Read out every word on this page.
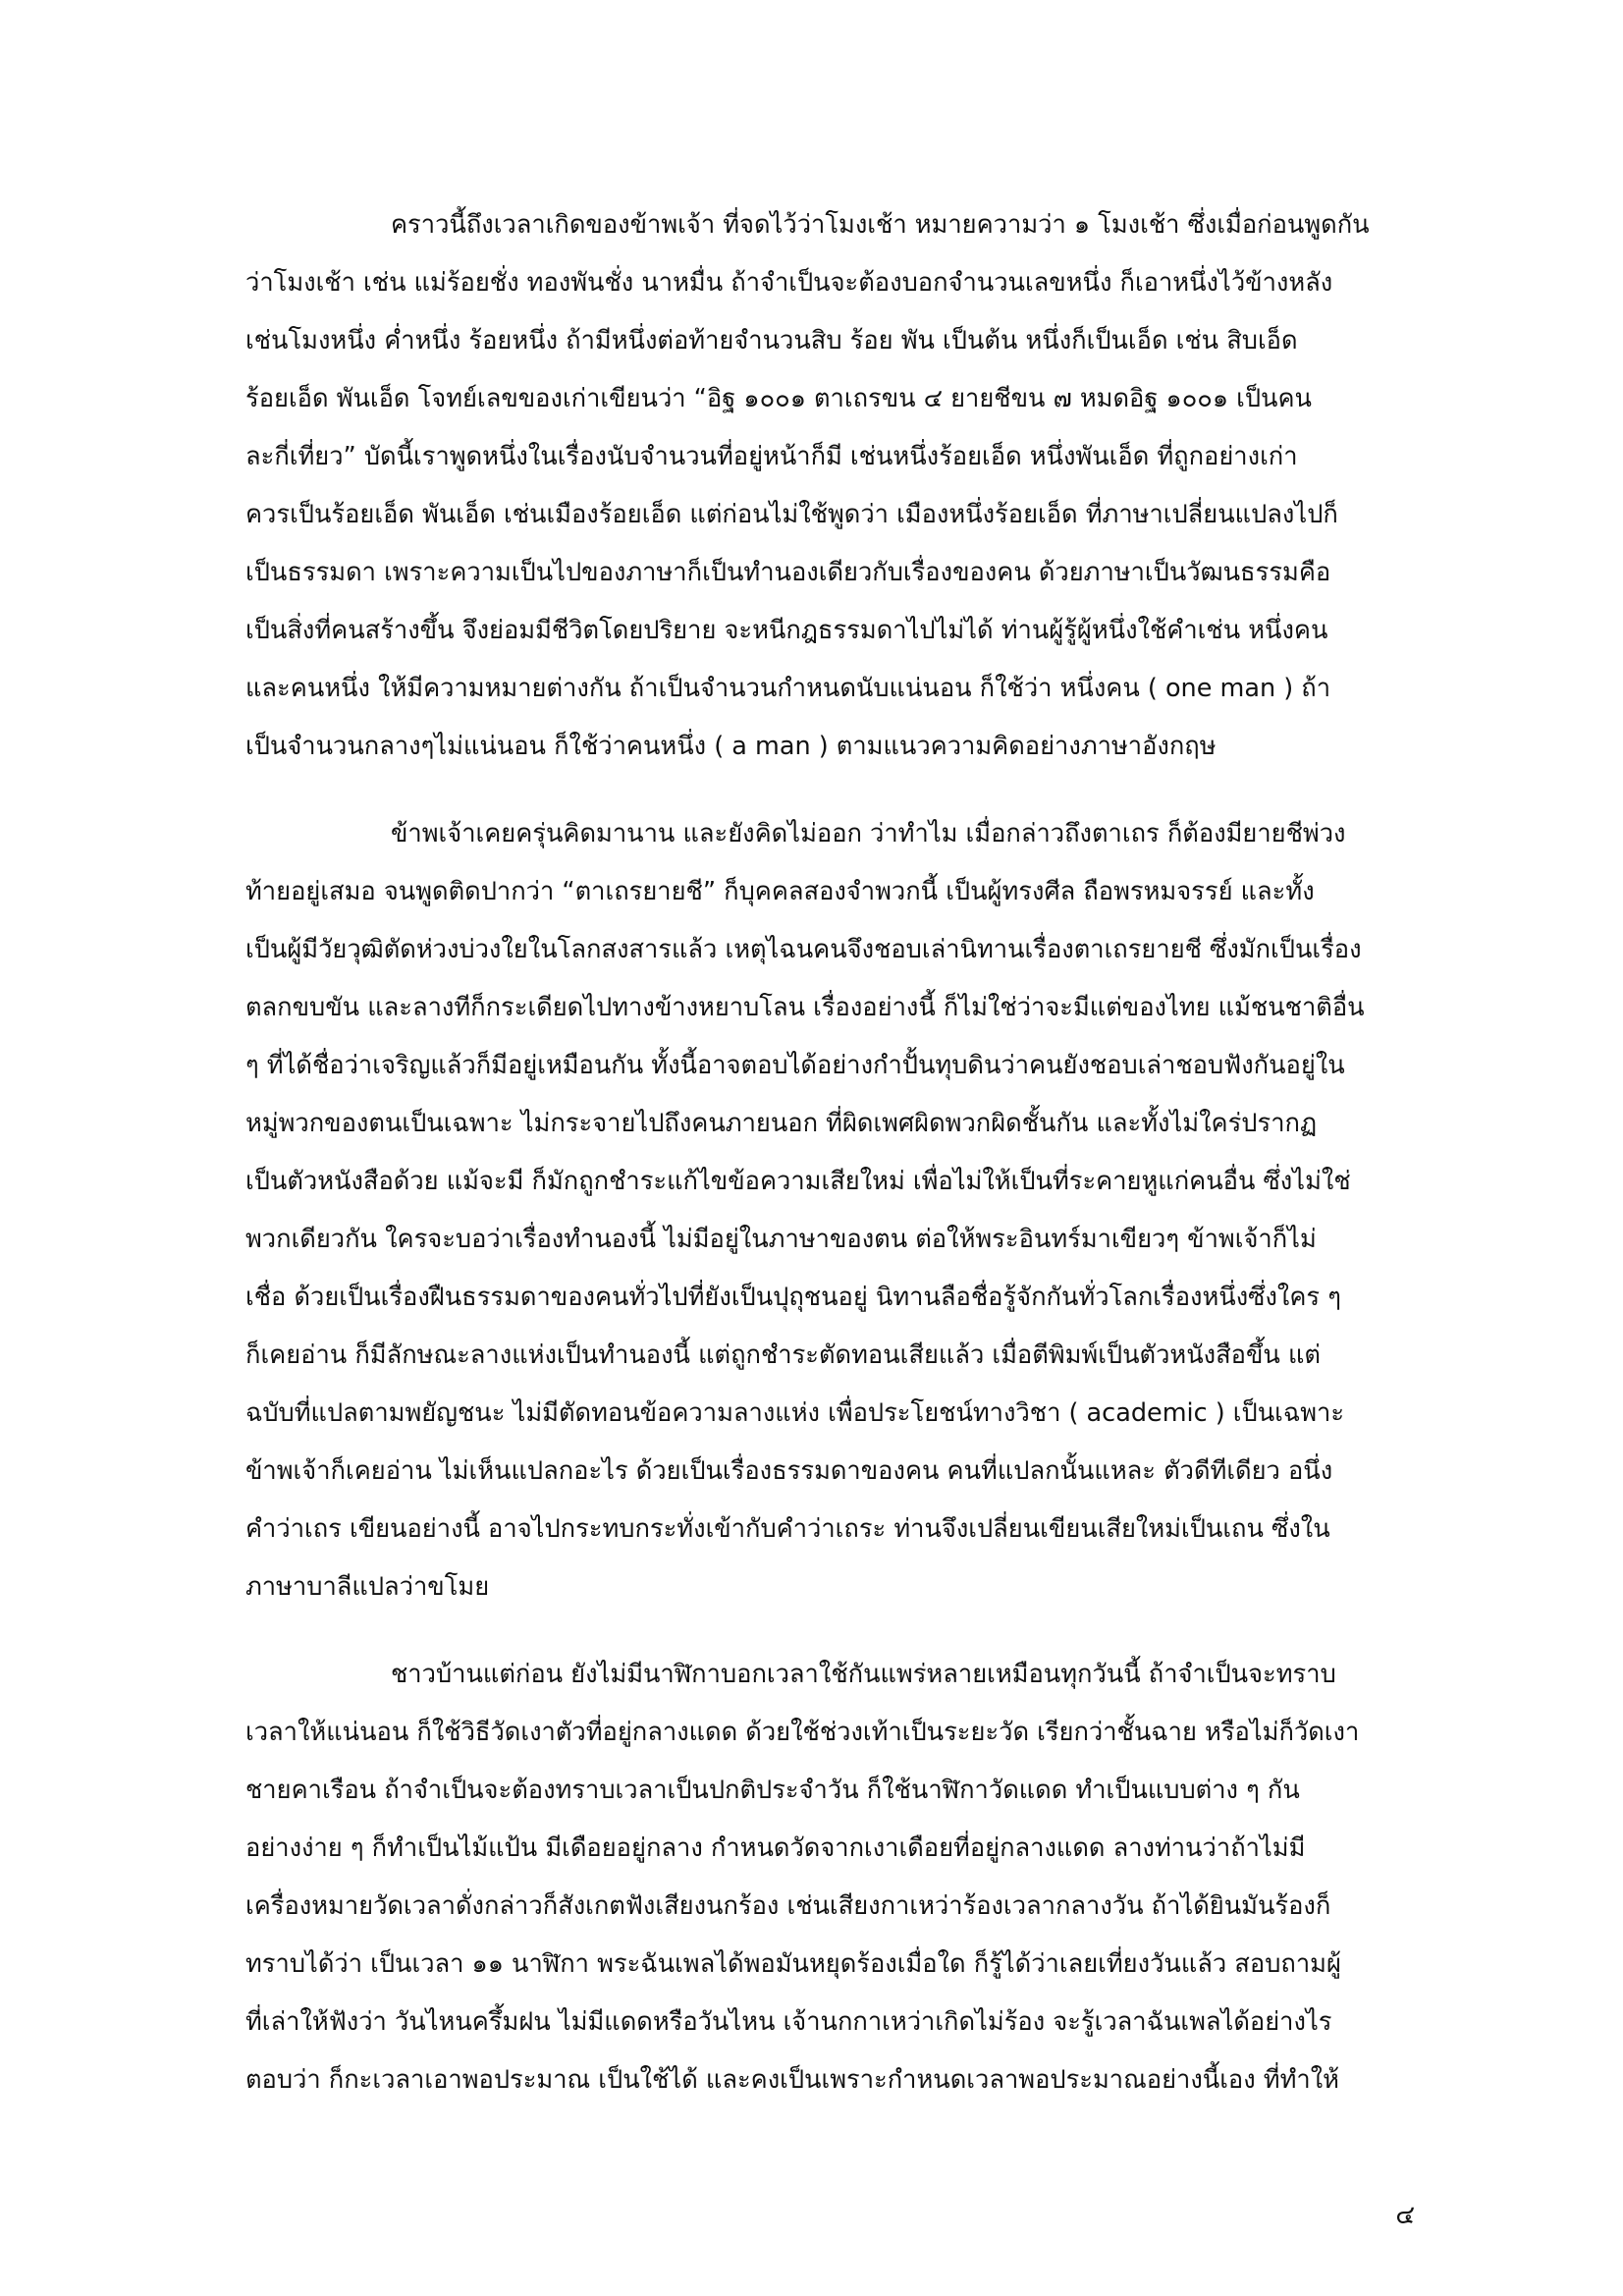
คราวนี้ถึงเวลาเกิดของข้าพเจ้า ที่จดไว้ว่าโมงเช้า หมายความว่า ๑ โมงเช้า ซึ่งเมื่อก่อนพูดกัน
ว่าโมงเช้า เช่น แม่ร้อยชั่ง ทองพันชั่ง นาหมื่น ถ้าจำเป็นจะต้องบอกจำนวนเลขหนึ่ง ก็เอาหนึ่งไว้ข้างหลัง
เช่นโมงหนึ่ง ค่ำหนึ่ง ร้อยหนึ่ง ถ้ามีหนึ่งต่อท้ายจำนวนสิบ ร้อย พัน เป็นต้น หนึ่งก็เป็นเอ็ด เช่น สิบเอ็ด
ร้อยเอ็ด พันเอ็ด โจทย์เลขของเก่าเขียนว่า “อิฐ ๑๐๐๑ ตาเถรขน ๔ ยายชีขน ๗ หมดอิฐ ๑๐๐๑ เป็นคน
ละกี่เที่ยว” บัดนี้เราพูดหนึ่งในเรื่องนับจำนวนที่อยู่หน้าก็มี เช่นหนึ่งร้อยเอ็ด หนึ่งพันเอ็ด ที่ถูกอย่างเก่า
ควรเป็นร้อยเอ็ด พันเอ็ด เช่นเมืองร้อยเอ็ด แต่ก่อนไม่ใช้พูดว่า เมืองหนึ่งร้อยเอ็ด ที่ภาษาเปลี่ยนแปลงไปก็
เป็นธรรมดา เพราะความเป็นไปของภาษาก็เป็นทำนองเดียวกับเรื่องของคน ด้วยภาษาเป็นวัฒนธรรมคือ
เป็นสิ่งที่คนสร้างขึ้น จึงย่อมมีชีวิตโดยปริยาย จะหนีกฎธรรมดาไปไม่ได้ ท่านผู้รู้ผู้หนึ่งใช้คำเช่น หนึ่งคน
และคนหนึ่ง ให้มีความหมายต่างกัน ถ้าเป็นจำนวนกำหนดนับแน่นอน ก็ใช้ว่า หนึ่งคน ( one man ) ถ้า
เป็นจำนวนกลางๆไม่แน่นอน ก็ใช้ว่าคนหนึ่ง ( a man ) ตามแนวความคิดอย่างภาษาอังกฤษ

ข้าพเจ้าเคยครุ่นคิดมานาน และยังคิดไม่ออก ว่าทำไม เมื่อกล่าวถึงตาเถร ก็ต้องมียายชีพ่วง
ท้ายอยู่เสมอ จนพูดติดปากว่า “ตาเถรยายชี” ก็บุคคลสองจำพวกนี้ เป็นผู้ทรงศีล ถือพรหมจรรย์ และทั้ง
เป็นผู้มีวัยวุฒิตัดห่วงบ่วงใยในโลกสงสารแล้ว เหตุไฉนคนจึงชอบเล่านิทานเรื่องตาเถรยายชี ซึ่งมักเป็นเรื่อง
ตลกขบขัน และลางทีก็กระเดียดไปทางข้างหยาบโลน เรื่องอย่างนี้ ก็ไม่ใช่ว่าจะมีแต่ของไทย แม้ชนชาติอื่น
ๆ ที่ได้ชื่อว่าเจริญแล้วก็มีอยู่เหมือนกัน ทั้งนี้อาจตอบได้อย่างกำปั้นทุบดินว่าคนยังชอบเล่าชอบฟังกันอยู่ใน
หมู่พวกของตนเป็นเฉพาะ ไม่กระจายไปถึงคนภายนอก ที่ผิดเพศผิดพวกผิดชั้นกัน และทั้งไม่ใคร่ปรากฏ
เป็นตัวหนังสือด้วย แม้จะมี ก็มักถูกชำระแก้ไขข้อความเสียใหม่ เพื่อไม่ให้เป็นที่ระคายหูแก่คนอื่น ซึ่งไม่ใช่
พวกเดียวกัน ใครจะบอว่าเรื่องทำนองนี้ ไม่มีอยู่ในภาษาของตน ต่อให้พระอินทร์มาเขียวๆ ข้าพเจ้าก็ไม่
เชื่อ ด้วยเป็นเรื่องฝืนธรรมดาของคนทั่วไปที่ยังเป็นปุถุชนอยู่ นิทานลือชื่อรู้จักกันทั่วโลกเรื่องหนึ่งซึ่งใคร ๆ
ก็เคยอ่าน ก็มีลักษณะลางแห่งเป็นทำนองนี้ แต่ถูกชำระตัดทอนเสียแล้ว เมื่อตีพิมพ์เป็นตัวหนังสือขึ้น แต่
ฉบับที่แปลตามพยัญชนะ ไม่มีตัดทอนข้อความลางแห่ง เพื่อประโยชน์ทางวิชา ( academic ) เป็นเฉพาะ
ข้าพเจ้าก็เคยอ่าน ไม่เห็นแปลกอะไร ด้วยเป็นเรื่องธรรมดาของคน คนที่แปลกนั้นแหละ ตัวดีทีเดียว อนึ่ง
คำว่าเถร เขียนอย่างนี้ อาจไปกระทบกระทั่งเข้ากับคำว่าเถระ ท่านจึงเปลี่ยนเขียนเสียใหม่เป็นเถน ซึ่งใน
ภาษาบาลีแปลว่าขโมย

ชาวบ้านแต่ก่อน ยังไม่มีนาฬิกาบอกเวลาใช้กันแพร่หลายเหมือนทุกวันนี้ ถ้าจำเป็นจะทราบ
เวลาให้แน่นอน ก็ใช้วิธีวัดเงาตัวที่อยู่กลางแดด ด้วยใช้ช่วงเท้าเป็นระยะวัด เรียกว่าชั้นฉาย หรือไม่ก็วัดเงา
ชายคาเรือน ถ้าจำเป็นจะต้องทราบเวลาเป็นปกติประจำวัน ก็ใช้นาฬิกาวัดแดด ทำเป็นแบบต่าง ๆ กัน
อย่างง่าย ๆ ก็ทำเป็นไม้แป้น มีเดือยอยู่กลาง กำหนดวัดจากเงาเดือยที่อยู่กลางแดด ลางท่านว่าถ้าไม่มี
เครื่องหมายวัดเวลาดั่งกล่าวก็สังเกตฟังเสียงนกร้อง เช่นเสียงกาเหว่าร้องเวลากลางวัน ถ้าได้ยินมันร้องก็
ทราบได้ว่า เป็นเวลา ๑๑ นาฬิกา พระฉันเพลได้พอมันหยุดร้องเมื่อใด ก็รู้ได้ว่าเลยเที่ยงวันแล้ว สอบถามผู้
ที่เล่าให้ฟังว่า วันไหนครึ้มฝน ไม่มีแดดหรือวันไหน เจ้านกกาเหว่าเกิดไม่ร้อง จะรู้เวลาฉันเพลได้อย่างไร
ตอบว่า ก็กะเวลาเอาพอประมาณ เป็นใช้ได้ และคงเป็นเพราะกำหนดเวลาพอประมาณอย่างนี้เอง ที่ทำให้

๔
